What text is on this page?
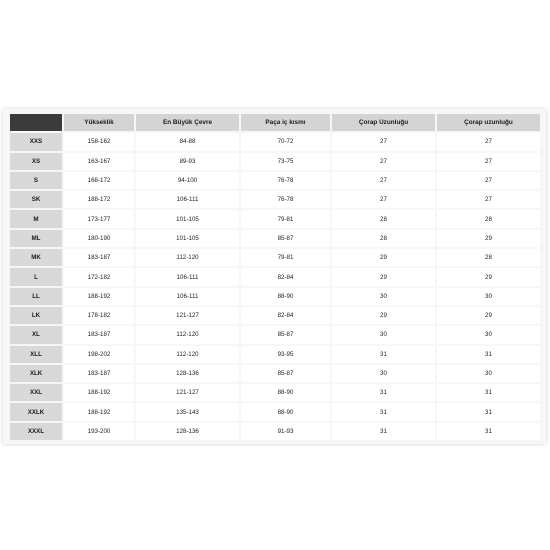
	Yükseklik	En Büyük Çevre	Paça iç kısmı	Çorap Uzunluğu	Çorap uzunluğu
XXS	158-162	84-88	70-72	27	27
XS	163-167	89-93	73-75	27	27
S	168-172	94-100	76-78	27	27
SK	188-172	106-111	76-78	27	27
M	173-177	101-105	79-81	28	28
ML	180-190	101-105	85-87	28	29
MK	183-187	112-120	79-81	29	28
L	172-182	106-111	82-84	29	29
LL	188-192	106-111	88-90	30	30
LK	178-182	121-127	82-84	29	29
XL	183-187	112-120	85-87	30	30
XLL	198-202	112-120	93-95	31	31
XLK	183-187	128-136	85-87	30	30
XXL	188-192	121-127	88-90	31	31
XXLK	188-192	135-143	88-90	31	31
XXXL	193-200	128-136	91-93	31	31
